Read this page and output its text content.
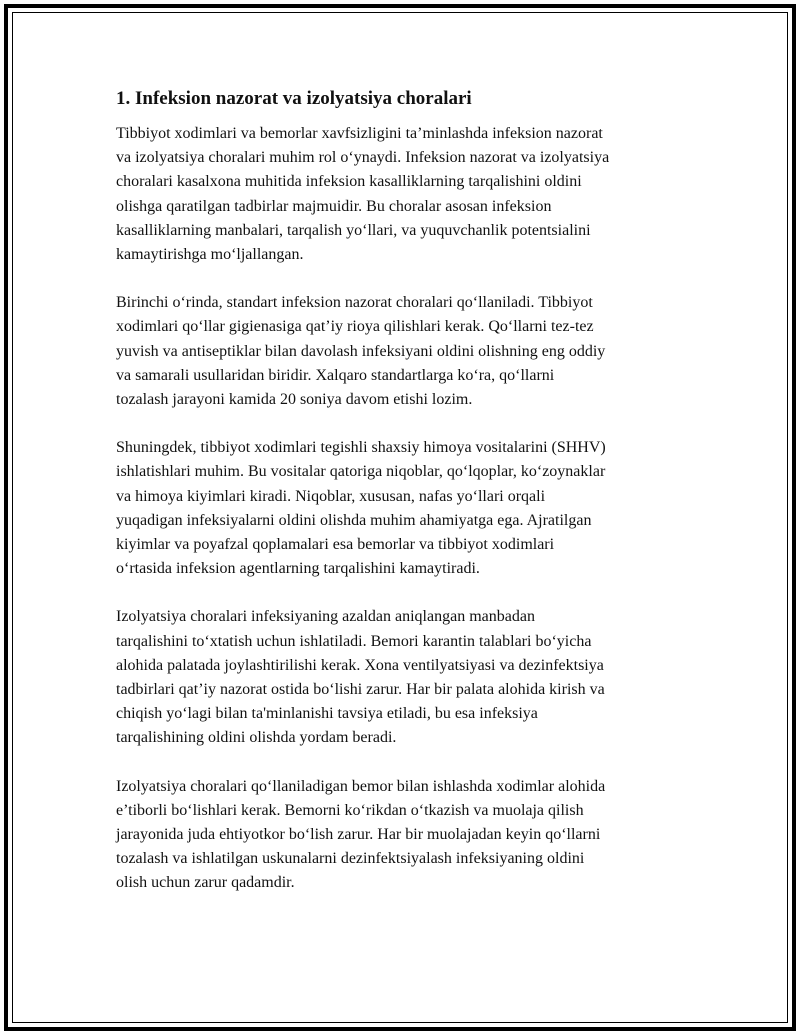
1. Infeksion nazorat va izolyatsiya choralari

Tibbiyot xodimlari va bemorlar xavfsizligini ta’minlashda infeksion nazorat
va izolyatsiya choralari muhim rol o‘ynaydi. Infeksion nazorat va izolyatsiya
choralari kasalxona muhitida infeksion kasalliklarning tarqalishini oldini
olishga qaratilgan tadbirlar majmuidir. Bu choralar asosan infeksion
kasalliklarning manbalari, tarqalish yo‘llari, va yuquvchanlik potentsialini
kamaytirishga mo‘ljallangan.

Birinchi o‘rinda, standart infeksion nazorat choralari qo‘llaniladi. Tibbiyot
xodimlari qo‘llar gigienasiga qat’iy rioya qilishlari kerak. Qo‘llarni tez-tez
yuvish va antiseptiklar bilan davolash infeksiyani oldini olishning eng oddiy
va samarali usullaridan biridir. Xalqaro standartlarga ko‘ra, qo‘llarni
tozalash jarayoni kamida 20 soniya davom etishi lozim.

Shuningdek, tibbiyot xodimlari tegishli shaxsiy himoya vositalarini (SHHV)
ishlatishlari muhim. Bu vositalar qatoriga niqoblar, qo‘lqoplar, ko‘zoynaklar
va himoya kiyimlari kiradi. Niqoblar, xususan, nafas yo‘llari orqali
yuqadigan infeksiyalarni oldini olishda muhim ahamiyatga ega. Ajratilgan
kiyimlar va poyafzal qoplamalari esa bemorlar va tibbiyot xodimlari
o‘rtasida infeksion agentlarning tarqalishini kamaytiradi.

Izolyatsiya choralari infeksiyaning azaldan aniqlangan manbadan
tarqalishini to‘xtatish uchun ishlatiladi. Bemori karantin talablari bo‘yicha
alohida palatada joylashtirilishi kerak. Xona ventilyatsiyasi va dezinfektsiya
tadbirlari qat’iy nazorat ostida bo‘lishi zarur. Har bir palata alohida kirish va
chiqish yo‘lagi bilan ta'minlanishi tavsiya etiladi, bu esa infeksiya
tarqalishining oldini olishda yordam beradi.

Izolyatsiya choralari qo‘llaniladigan bemor bilan ishlashda xodimlar alohida
e’tiborli bo‘lishlari kerak. Bemorni ko‘rikdan o‘tkazish va muolaja qilish
jarayonida juda ehtiyotkor bo‘lish zarur. Har bir muolajadan keyin qo‘llarni
tozalash va ishlatilgan uskunalarni dezinfektsiyalash infeksiyaning oldini
olish uchun zarur qadamdir.
